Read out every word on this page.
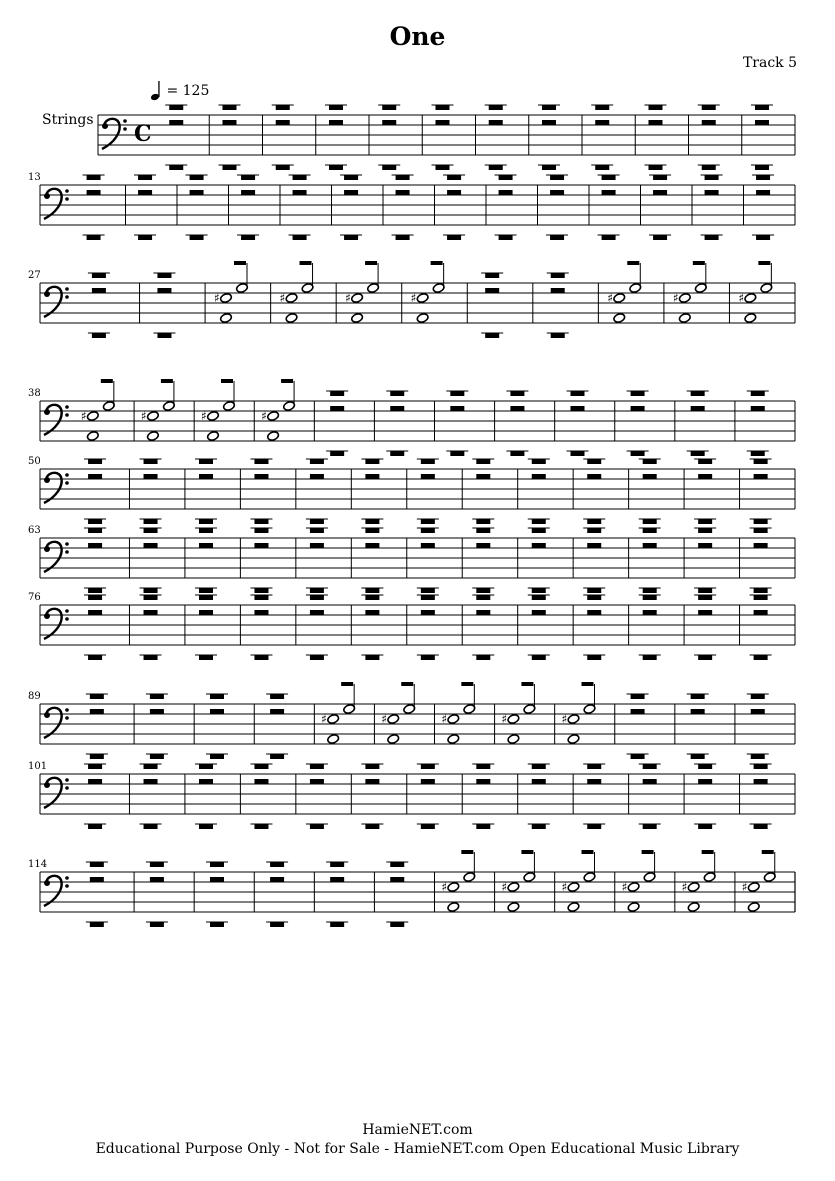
One
Track 5
= 125
Strings
C
13
27
♯	♯	♯	♯	♯	♯	♯
38
♯	♯	♯	♯
50
63
76
89
♯	♯	♯	♯	♯
101
114
♯	♯	♯	♯	♯	♯
HamieNET.com
Educational Purpose Only - Not for Sale - HamieNET.com Open Educational Music Library
